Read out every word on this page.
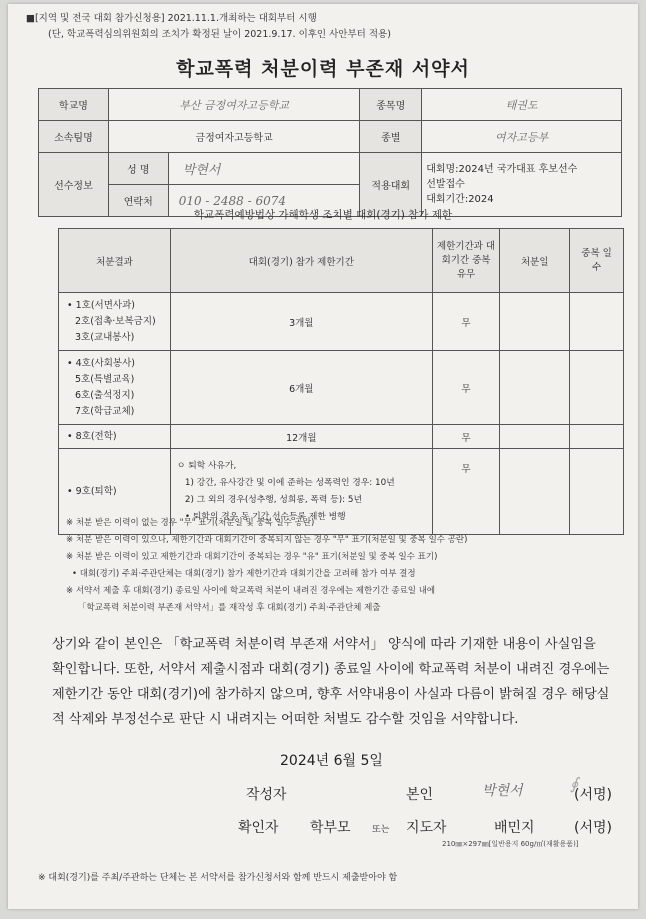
■[지역 및 전국 대회 참가신청용] 2021.11.1.개최하는 대회부터 시행
(단, 학교폭력심의위원회의 조치가 확정된 날이 2021.9.17. 이후인 사안부터 적용)
학교폭력 처분이력 부존재 서약서
학교명	부산 금정여자고등학교		종목명	태권도
소속팀명	금정여자고등학교		종별	여자고등부
선수정보	성 명	박현서	적용대회	대회명:2024년 국가대표 후보선수
선발접수
대회기간:2024

	연락처	010 - 2488 - 6074		
학교폭력예방법상 가해학생 조치별 대회(경기) 참가 제한
처분결과	대회(경기) 참가 제한기간	제한기간과 대회기간 중복 유무	처분일	중복 일수

• 1호(서면사과)
2호(접촉·보복금지)
3호(교내봉사)	3개월	무		

• 4호(사회봉사)
5호(특별교육)
6호(출석정지)
7호(학급교체)	6개월	무		
• 8호(전학)	12개월	무		
• 9호(퇴학)	ㅇ 퇴학 사유가,
1) 강간, 유사강간 및 이에 준하는 성폭력인 경우: 10년
2) 그 외의 경우(성추행, 성희롱, 폭력 등): 5년
• 퇴학의 경우 동 기간 선수등록 제한 병행	무		
※ 처분 받은 이력이 없는 경우 "무" 표기(처분일 및 중복 일수 공란)
※ 처분 받은 이력이 있으나, 제한기간과 대회기간이 중복되지 않는 경우 "무" 표기(처분일 및 중복 일수 공란)
※ 처분 받은 이력이 있고 제한기간과 대회기간이 중복되는 경우 "유" 표기(처분일 및 중복 일수 표기)
• 대회(경기) 주최·주관단체는 대회(경기) 참가 제한기간과 대회기간을 고려해 참가 여부 결정
※ 서약서 제출 후 대회(경기) 종료일 사이에 학교폭력 처분이 내려진 경우에는 제한기간 종료일 내에
「학교폭력 처분이력 부존재 서약서」를 재작성 후 대회(경기) 주최·주관단체 제출
상기와 같이 본인은 「학교폭력 처분이력 부존재 서약서」 양식에 따라 기재한 내용이 사실임을 확인합니다. 또한, 서약서 제출시점과 대회(경기) 종료일 사이에 학교폭력 처분이 내려진 경우에는 제한기간 동안 대회(경기)에 참가하지 않으며, 향후 서약내용이 사실과 다름이 밝혀질 경우 해당실적 삭제와 부정선수로 판단 시 내려지는 어떠한 처벌도 감수할 것임을 서약합니다.
2024년 6월 5일
작성자	본인	박현서	(서명)
∮
확인자 학부모 또는 지도자	배민지	(서명)
210㎜×297㎜[일반용지 60g/㎡(재활용품)]
※ 대회(경기)를 주최/주관하는 단체는 본 서약서를 참가신청서와 함께 반드시 제출받아야 함
